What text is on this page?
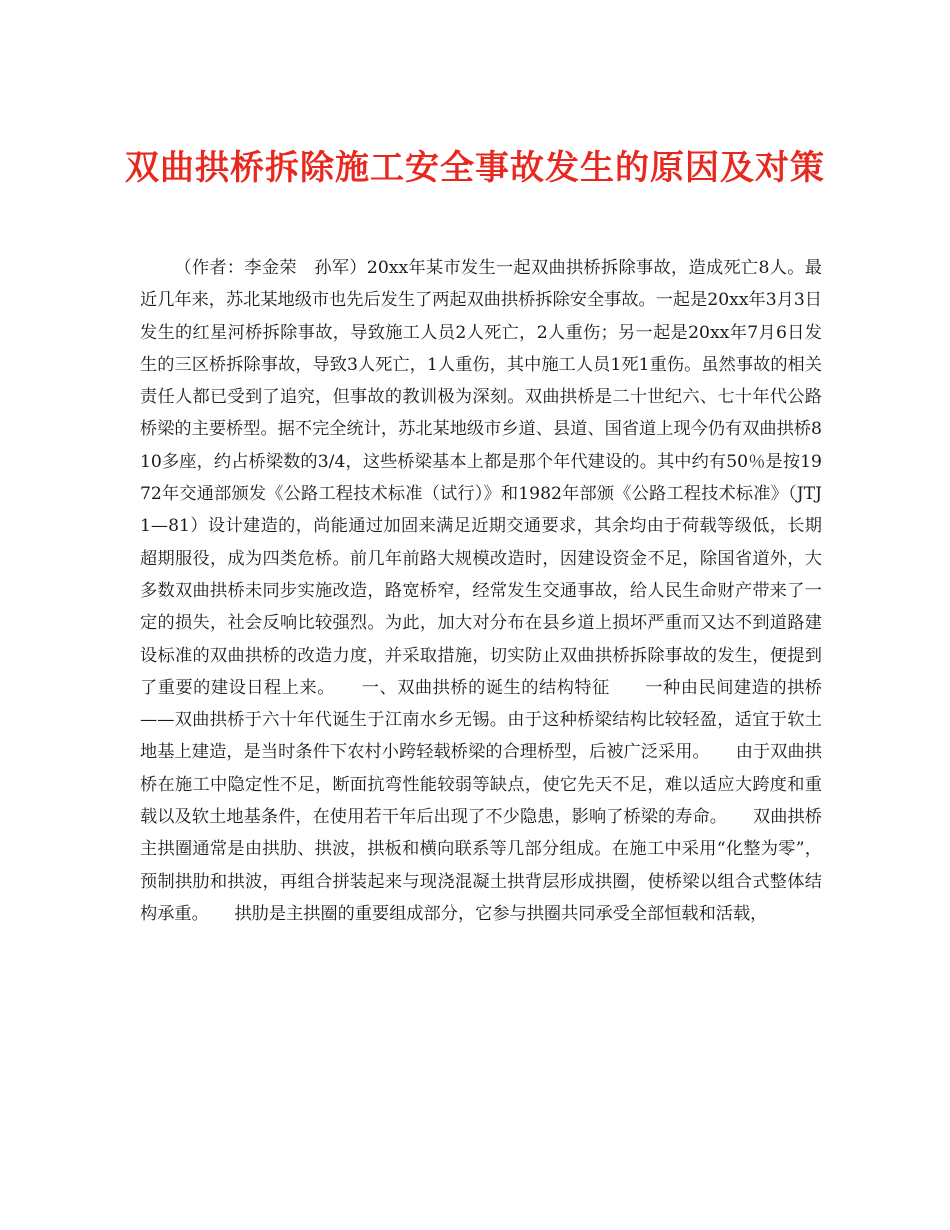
双曲拱桥拆除施工安全事故发生的原因及对策

（作者：李金荣　孙军）20xx年某市发生一起双曲拱桥拆除事故，造成死亡8人。最近几年来，苏北某地级市也先后发生了两起双曲拱桥拆除安全事故。一起是20xx年3月3日发生的红星河桥拆除事故，导致施工人员2人死亡，2人重伤；另一起是20xx年7月6日发生的三区桥拆除事故，导致3人死亡，1人重伤，其中施工人员1死1重伤。虽然事故的相关责任人都已受到了追究，但事故的教训极为深刻。双曲拱桥是二十世纪六、七十年代公路桥梁的主要桥型。据不完全统计，苏北某地级市乡道、县道、国省道上现今仍有双曲拱桥810多座，约占桥梁数的3/4，这些桥梁基本上都是那个年代建设的。其中约有50％是按1972年交通部颁发《公路工程技术标准（试行）》和1982年部颁《公路工程技术标准》（JTJ1—81）设计建造的，尚能通过加固来满足近期交通要求，其余均由于荷载等级低，长期超期服役，成为四类危桥。前几年前路大规模改造时，因建设资金不足，除国省道外，大多数双曲拱桥未同步实施改造，路宽桥窄，经常发生交通事故，给人民生命财产带来了一定的损失，社会反响比较强烈。为此，加大对分布在县乡道上损坏严重而又达不到道路建设标准的双曲拱桥的改造力度，并采取措施，切实防止双曲拱桥拆除事故的发生，便提到了重要的建设日程上来。　　一、双曲拱桥的诞生的结构特征　　一种由民间建造的拱桥——双曲拱桥于六十年代诞生于江南水乡无锡。由于这种桥梁结构比较轻盈，适宜于软土地基上建造，是当时条件下农村小跨轻载桥梁的合理桥型，后被广泛采用。　　由于双曲拱桥在施工中隐定性不足，断面抗弯性能较弱等缺点，使它先天不足，难以适应大跨度和重载以及软土地基条件，在使用若干年后出现了不少隐患，影响了桥梁的寿命。　　双曲拱桥主拱圈通常是由拱肋、拱波，拱板和横向联系等几部分组成。在施工中采用“化整为零”，预制拱肋和拱波，再组合拼装起来与现浇混凝土拱背层形成拱圈，使桥梁以组合式整体结构承重。　　拱肋是主拱圈的重要组成部分，它参与拱圈共同承受全部恒载和活载，
